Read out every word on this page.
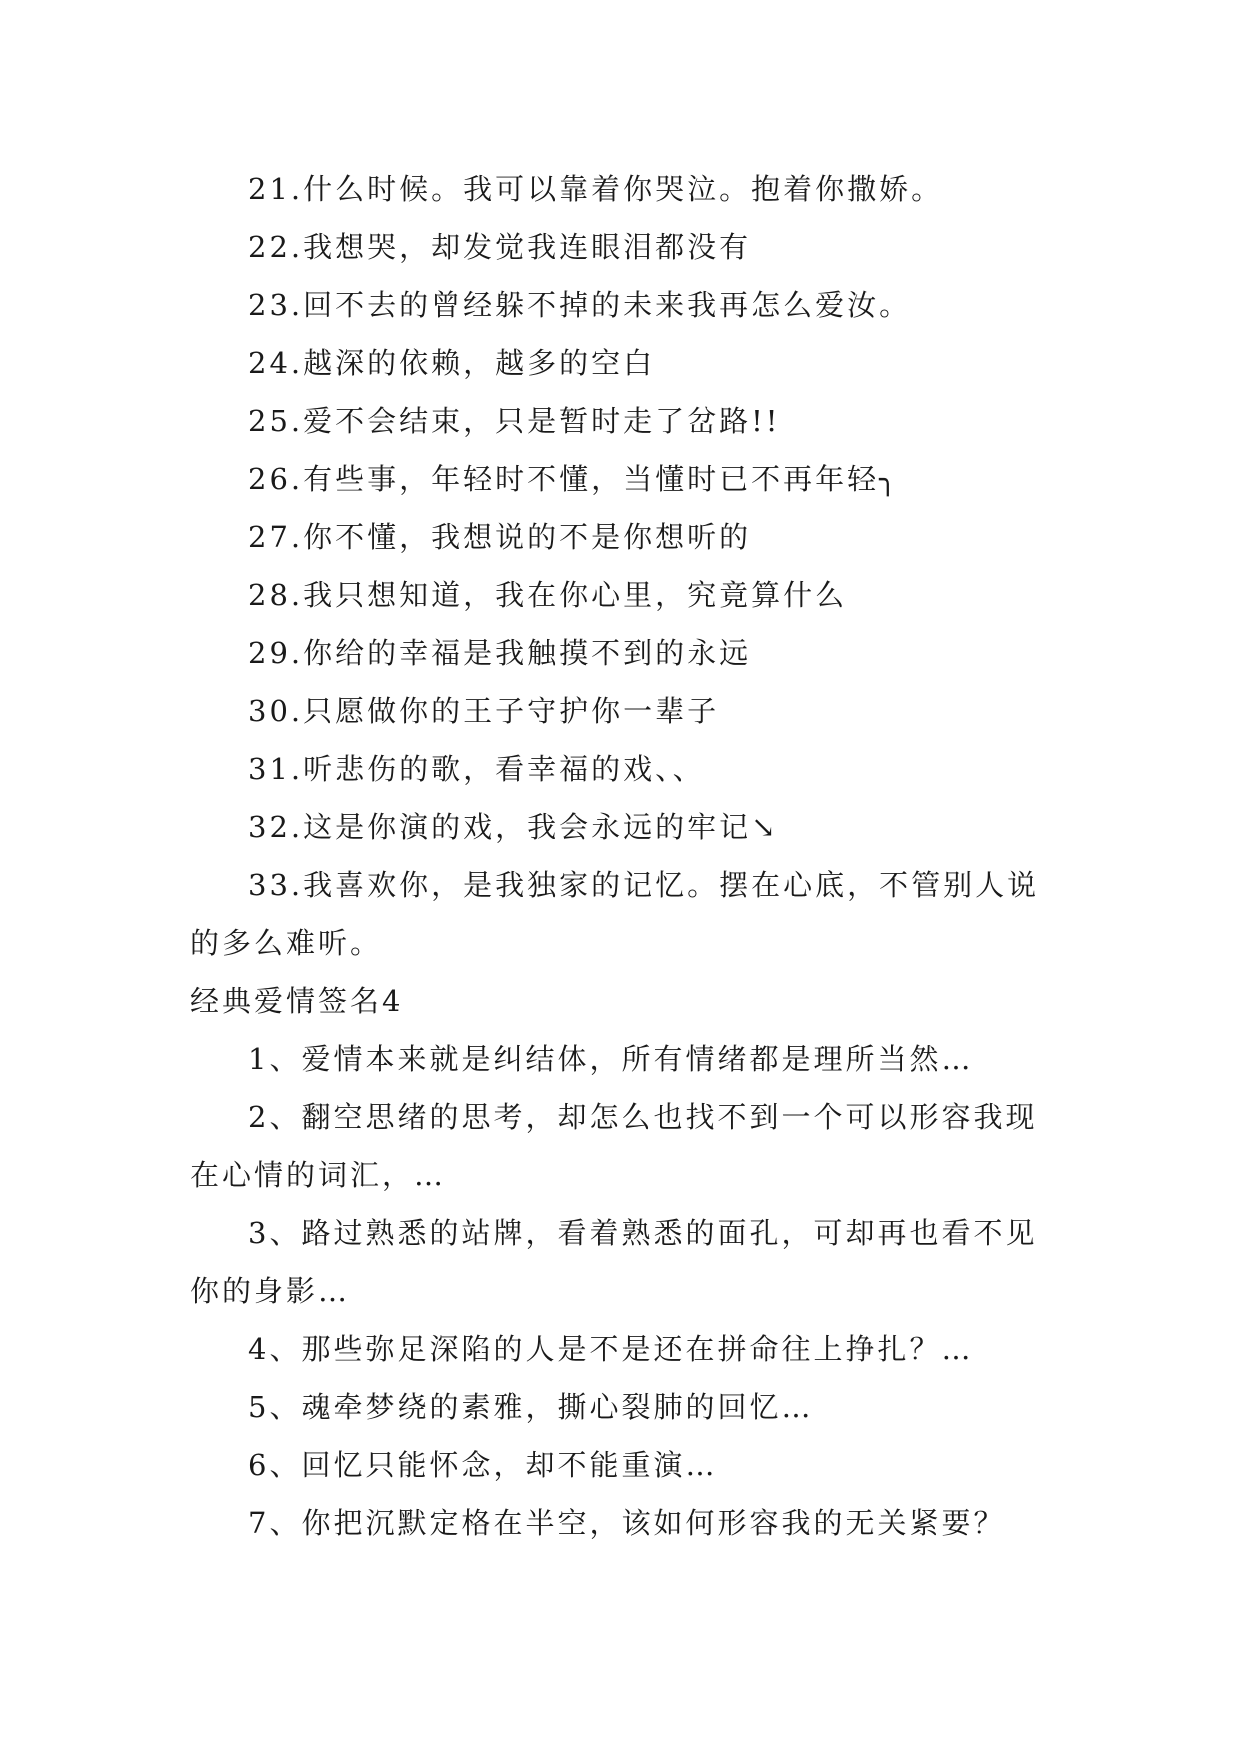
21.什么时候。我可以靠着你哭泣。抱着你撒娇。

22.我想哭，却发觉我连眼泪都没有

23.回不去的曾经躲不掉的未来我再怎么爱汝。

24.越深的依赖，越多的空白

25.爱不会结束，只是暂时走了岔路!!

26.有些事，年轻时不懂，当懂时已不再年轻╮

27.你不懂，我想说的不是你想听的

28.我只想知道，我在你心里，究竟算什么

29.你给的幸福是我触摸不到的永远

30.只愿做你的王子守护你一辈子

31.听悲伤的歌，看幸福的戏、、

32.这是你演的戏，我会永远的牢记↘

33.我喜欢你，是我独家的记忆。摆在心底，不管别人说的多么难听。

经典爱情签名4

1、爱情本来就是纠结体，所有情绪都是理所当然…

2、翻空思绪的思考，却怎么也找不到一个可以形容我现在心情的词汇，…

3、路过熟悉的站牌，看着熟悉的面孔，可却再也看不见你的身影…

4、那些弥足深陷的人是不是还在拼命往上挣扎？…

5、魂牵梦绕的素雅，撕心裂肺的回忆…

6、回忆只能怀念，却不能重演…

7、你把沉默定格在半空，该如何形容我的无关紧要？
